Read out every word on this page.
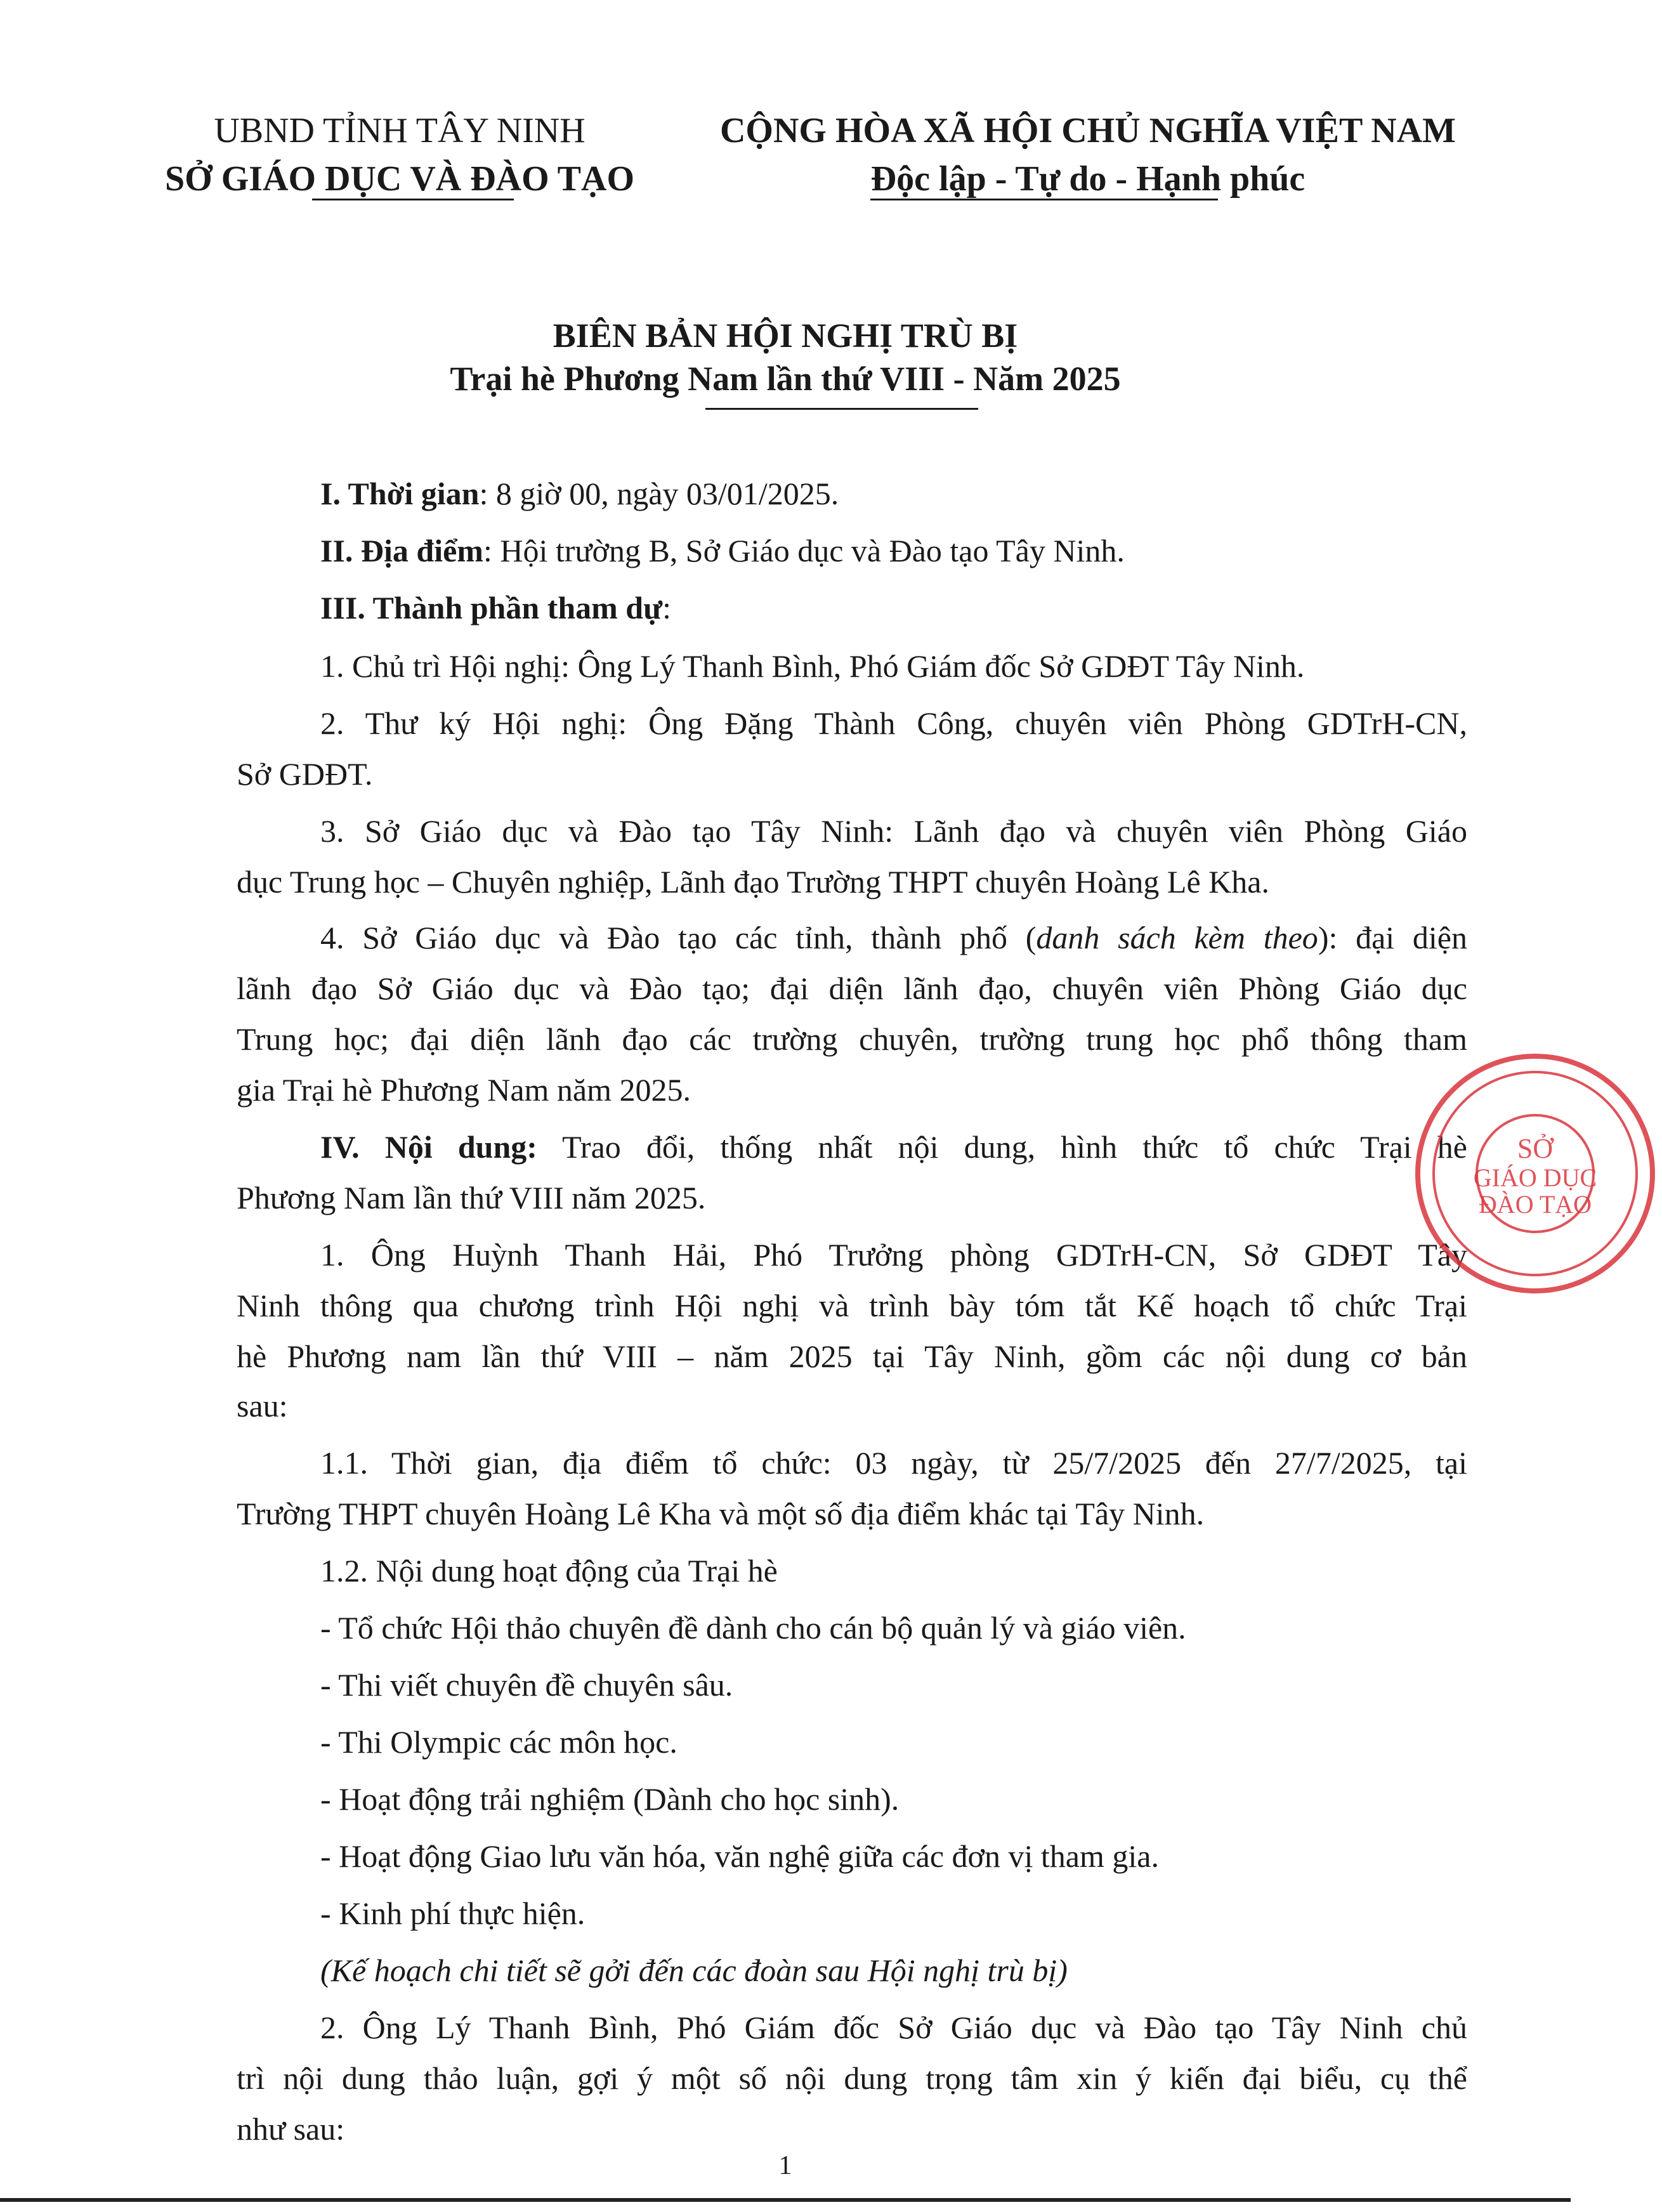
UBND TỈNH TÂY NINH
SỞ GIÁO DỤC VÀ ĐÀO TẠO
CỘNG HÒA XÃ HỘI CHỦ NGHĨA VIỆT NAM
Độc lập - Tự do - Hạnh phúc
BIÊN BẢN HỘI NGHỊ TRÙ BỊ
Trại hè Phương Nam lần thứ VIII - Năm 2025
I. Thời gian: 8 giờ 00, ngày 03/01/2025.
II. Địa điểm: Hội trường B, Sở Giáo dục và Đào tạo Tây Ninh.
III. Thành phần tham dự:
1. Chủ trì Hội nghị: Ông Lý Thanh Bình, Phó Giám đốc Sở GDĐT Tây Ninh.
2. Thư ký Hội nghị: Ông Đặng Thành Công, chuyên viên Phòng GDTrH-CN,
Sở GDĐT.
3. Sở Giáo dục và Đào tạo Tây Ninh: Lãnh đạo và chuyên viên Phòng Giáo
dục Trung học – Chuyên nghiệp, Lãnh đạo Trường THPT chuyên Hoàng Lê Kha.
4. Sở Giáo dục và Đào tạo các tỉnh, thành phố (danh sách kèm theo): đại diện
lãnh đạo Sở Giáo dục và Đào tạo; đại diện lãnh đạo, chuyên viên Phòng Giáo dục
Trung học; đại diện lãnh đạo các trường chuyên, trường trung học phổ thông tham
gia Trại hè Phương Nam năm 2025.
IV. Nội dung: Trao đổi, thống nhất nội dung, hình thức tổ chức Trại hè
Phương Nam lần thứ VIII năm 2025.
1. Ông Huỳnh Thanh Hải, Phó Trưởng phòng GDTrH-CN, Sở GDĐT Tây
Ninh thông qua chương trình Hội nghị và trình bày tóm tắt Kế hoạch tổ chức Trại
hè Phương nam lần thứ VIII – năm 2025 tại Tây Ninh, gồm các nội dung cơ bản
sau:
1.1. Thời gian, địa điểm tổ chức: 03 ngày, từ 25/7/2025 đến 27/7/2025, tại
Trường THPT chuyên Hoàng Lê Kha và một số địa điểm khác tại Tây Ninh.
1.2. Nội dung hoạt động của Trại hè
- Tổ chức Hội thảo chuyên đề dành cho cán bộ quản lý và giáo viên.
- Thi viết chuyên đề chuyên sâu.
- Thi Olympic các môn học.
- Hoạt động trải nghiệm (Dành cho học sinh).
- Hoạt động Giao lưu văn hóa, văn nghệ giữa các đơn vị tham gia.
- Kinh phí thực hiện.
(Kế hoạch chi tiết sẽ gởi đến các đoàn sau Hội nghị trù bị)
2. Ông Lý Thanh Bình, Phó Giám đốc Sở Giáo dục và Đào tạo Tây Ninh chủ
trì nội dung thảo luận, gợi ý một số nội dung trọng tâm xin ý kiến đại biểu, cụ thể
như sau:
1
SỞ
GIÁO DỤC
ĐÀO TẠO
